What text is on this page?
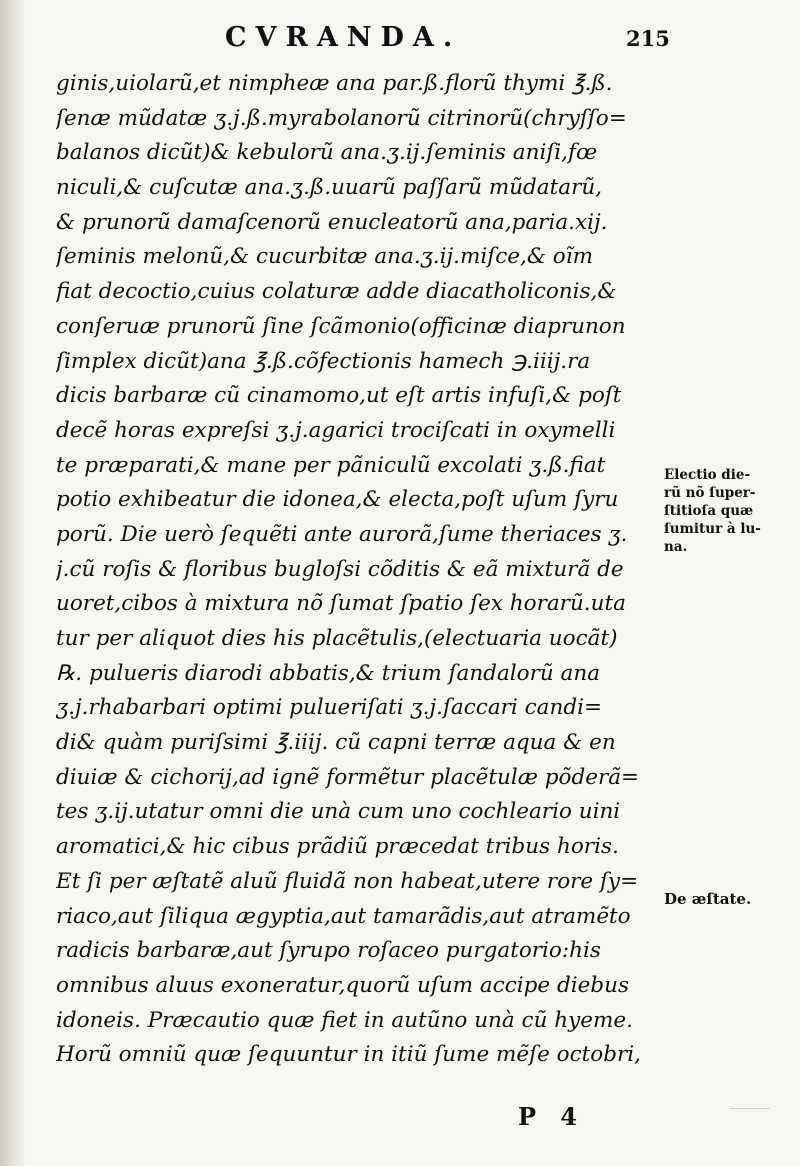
CVRANDA.	215
ginis,uiolarũ,et nimpheæ ana par.ß.florũ thymi ℥.ß.
ſenæ mũdatæ ʒ.j.ß.myrabolanorũ citrinorũ(chryſſo=
balanos dicũt)& kebulorũ ana.ʒ.ij.ſeminis aniſi,fœ
niculi,& cuſcutæ ana.ʒ.ß.uuarũ paſſarũ mũdatarũ,
& prunorũ damaſcenorũ enucleatorũ ana,paria.xij.
ſeminis melonũ,& cucurbitæ ana.ʒ.ij.miſce,& oĩm
fiat decoctio,cuius colaturæ adde diacatholiconis,&
conſeruæ prunorũ ſine ſcãmonio(officinæ diaprunon
ſimplex dicũt)ana ℥.ß.cõfectionis hamech ℈.iiij.ra
dicis barbaræ cũ cinamomo,ut eſt artis infuſi,& poſt
decẽ horas expreſsi ʒ.j.agarici trociſcati in oxymelli
te præparati,& mane per pãniculũ excolati ʒ.ß.fiat
potio exhibeatur die idonea,& electa,poſt uſum ſyru
porũ. Die uerò ſequẽti ante aurorã,ſume theriaces ʒ.
j.cũ roſis & floribus bugloſsi cõditis & eã mixturã de
uoret,cibos à mixtura nõ ſumat ſpatio ſex horarũ.uta
tur per aliquot dies his placẽtulis,(electuaria uocãt)
℞. pulueris diarodi abbatis,& trium ſandalorũ ana
ʒ.j.rhabarbari optimi pulueriſati ʒ.j.ſaccari candi=
di& quàm puriſsimi ℥.iiij. cũ capni terræ aqua & en
diuiæ & cichorij,ad ignẽ formẽtur placẽtulæ põderã=
tes ʒ.ij.utatur omni die unà cum uno cochleario uini
aromatici,& hic cibus prãdiũ præcedat tribus horis.
Et ſi per æſtatẽ aluũ fluidã non habeat,utere rore ſy=
riaco,aut ſiliqua ægyptia,aut tamarãdis,aut atramẽto
radicis barbaræ,aut ſyrupo roſaceo purgatorio:his
omnibus aluus exoneratur,quorũ uſum accipe diebus
idoneis. Præcautio quæ fiet in autũno unà cũ hyeme.
Horũ omniũ quæ ſequuntur in itiũ ſume mẽſe octobri,
Electio die-
rũ nõ ſuper-
ſtitioſa quæ
ſumitur à lu-
na.
De æſtate.
P 4
